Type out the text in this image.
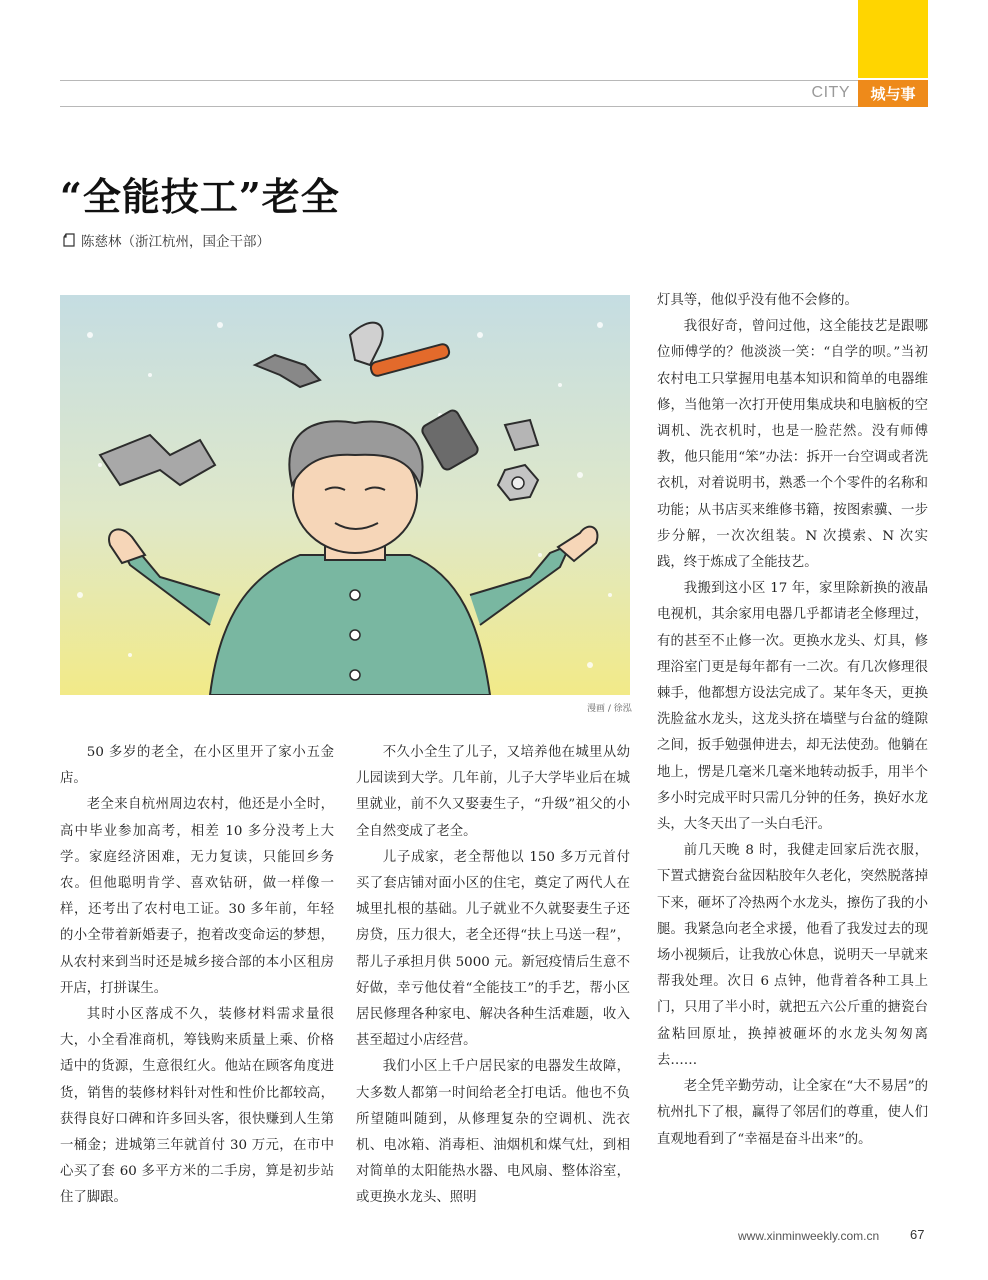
CITY	城与事
“全能技工”老全
陈慈林（浙江杭州，国企干部）
漫画 / 徐泓

50 多岁的老全，在小区里开了家小五金店。

老全来自杭州周边农村，他还是小全时，高中毕业参加高考，相差 10 多分没考上大学。家庭经济困难，无力复读，只能回乡务农。但他聪明肯学、喜欢钻研，做一样像一样，还考出了农村电工证。30 多年前，年轻的小全带着新婚妻子，抱着改变命运的梦想，从农村来到当时还是城乡接合部的本小区租房开店，打拼谋生。

其时小区落成不久，装修材料需求量很大，小全看准商机，筹钱购来质量上乘、价格适中的货源，生意很红火。他站在顾客角度进货，销售的装修材料针对性和性价比都较高，获得良好口碑和许多回头客，很快赚到人生第一桶金；进城第三年就首付 30 万元，在市中心买了套 60 多平方米的二手房，算是初步站住了脚跟。

不久小全生了儿子，又培养他在城里从幼儿园读到大学。几年前，儿子大学毕业后在城里就业，前不久又娶妻生子，“升级”祖父的小全自然变成了老全。

儿子成家，老全帮他以 150 多万元首付买了套店铺对面小区的住宅，奠定了两代人在城里扎根的基础。儿子就业不久就娶妻生子还房贷，压力很大，老全还得“扶上马送一程”，帮儿子承担月供 5000 元。新冠疫情后生意不好做，幸亏他仗着“全能技工”的手艺，帮小区居民修理各种家电、解决各种生活难题，收入甚至超过小店经营。

我们小区上千户居民家的电器发生故障，大多数人都第一时间给老全打电话。他也不负所望随叫随到，从修理复杂的空调机、洗衣机、电冰箱、消毒柜、油烟机和煤气灶，到相对简单的太阳能热水器、电风扇、整体浴室，或更换水龙头、照明

灯具等，他似乎没有他不会修的。

我很好奇，曾问过他，这全能技艺是跟哪位师傅学的？他淡淡一笑：“自学的呗。”当初农村电工只掌握用电基本知识和简单的电器维修，当他第一次打开使用集成块和电脑板的空调机、洗衣机时，也是一脸茫然。没有师傅教，他只能用“笨”办法：拆开一台空调或者洗衣机，对着说明书，熟悉一个个零件的名称和功能；从书店买来维修书籍，按图索骥、一步步分解，一次次组装。N 次摸索、N 次实践，终于炼成了全能技艺。

我搬到这小区 17 年，家里除新换的液晶电视机，其余家用电器几乎都请老全修理过，有的甚至不止修一次。更换水龙头、灯具，修理浴室门更是每年都有一二次。有几次修理很棘手，他都想方设法完成了。某年冬天，更换洗脸盆水龙头，这龙头挤在墙壁与台盆的缝隙之间，扳手勉强伸进去，却无法使劲。他躺在地上，愣是几毫米几毫米地转动扳手，用半个多小时完成平时只需几分钟的任务，换好水龙头，大冬天出了一头白毛汗。

前几天晚 8 时，我健走回家后洗衣服，下置式搪瓷台盆因粘胶年久老化，突然脱落掉下来，砸坏了冷热两个水龙头，擦伤了我的小腿。我紧急向老全求援，他看了我发过去的现场小视频后，让我放心休息，说明天一早就来帮我处理。次日 6 点钟，他背着各种工具上门，只用了半小时，就把五六公斤重的搪瓷台盆粘回原址，换掉被砸坏的水龙头匆匆离去……

老全凭辛勤劳动，让全家在“大不易居”的杭州扎下了根，赢得了邻居们的尊重，使人们直观地看到了“幸福是奋斗出来”的。

www.xinminweekly.com.cn 67
